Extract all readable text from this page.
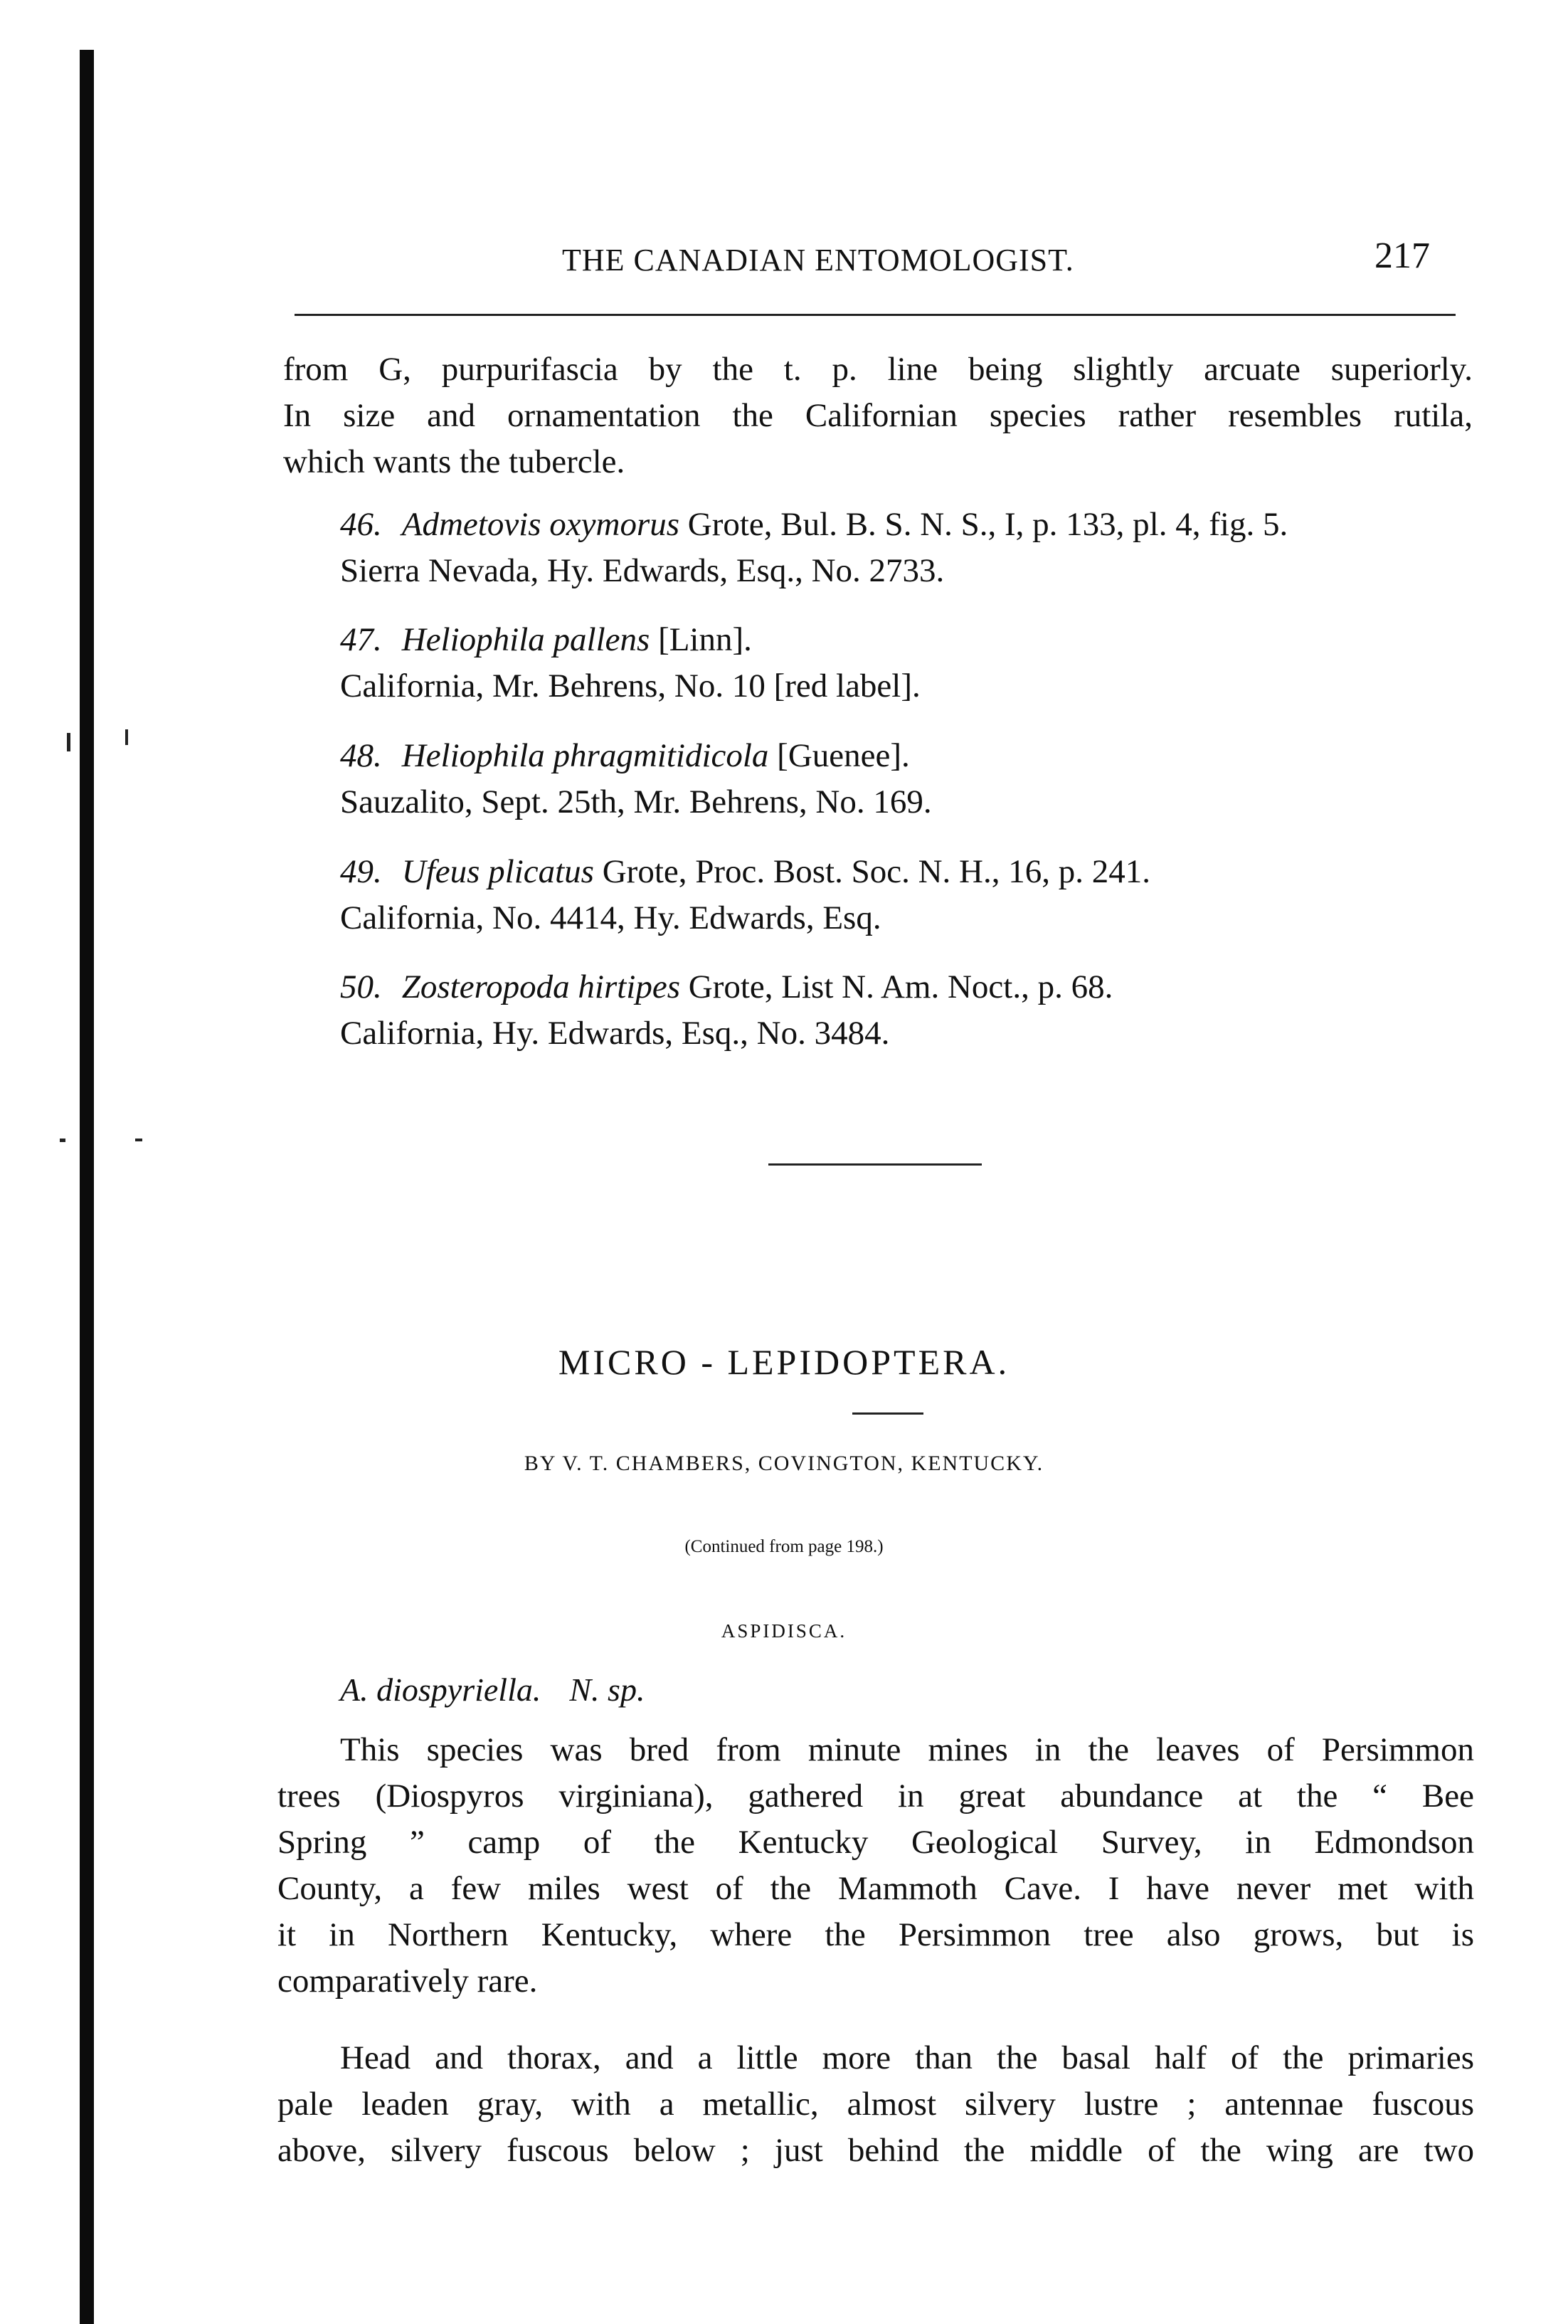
THE CANADIAN ENTOMOLOGIST.	217
from G, purpurifascia by the t. p. line being slightly arcuate superiorly.
In size and ornamentation the Californian species rather resembles rutila,
which wants the tubercle.
46. Admetovis oxymorus Grote, Bul. B. S. N. S., I, p. 133, pl. 4, fig. 5.
Sierra Nevada, Hy. Edwards, Esq., No. 2733.
47. Heliophila pallens [Linn].
California, Mr. Behrens, No. 10 [red label].
48. Heliophila phragmitidicola [Guenee].
Sauzalito, Sept. 25th, Mr. Behrens, No. 169.
49. Ufeus plicatus Grote, Proc. Bost. Soc. N. H., 16, p. 241.
California, No. 4414, Hy. Edwards, Esq.
50. Zosteropoda hirtipes Grote, List N. Am. Noct., p. 68.
California, Hy. Edwards, Esq., No. 3484.
MICRO - LEPIDOPTERA.
BY V. T. CHAMBERS, COVINGTON, KENTUCKY.
(Continued from page 198.)
ASPIDISCA.
A. diospyriella. N. sp.
This species was bred from minute mines in the leaves of Persimmon
trees (Diospyros virginiana), gathered in great abundance at the “ Bee
Spring ” camp of the Kentucky Geological Survey, in Edmondson
County, a few miles west of the Mammoth Cave. I have never met with
it in Northern Kentucky, where the Persimmon tree also grows, but is
comparatively rare.
Head and thorax, and a little more than the basal half of the primaries
pale leaden gray, with a metallic, almost silvery lustre ; antennae fuscous
above, silvery fuscous below ; just behind the middle of the wing are two
